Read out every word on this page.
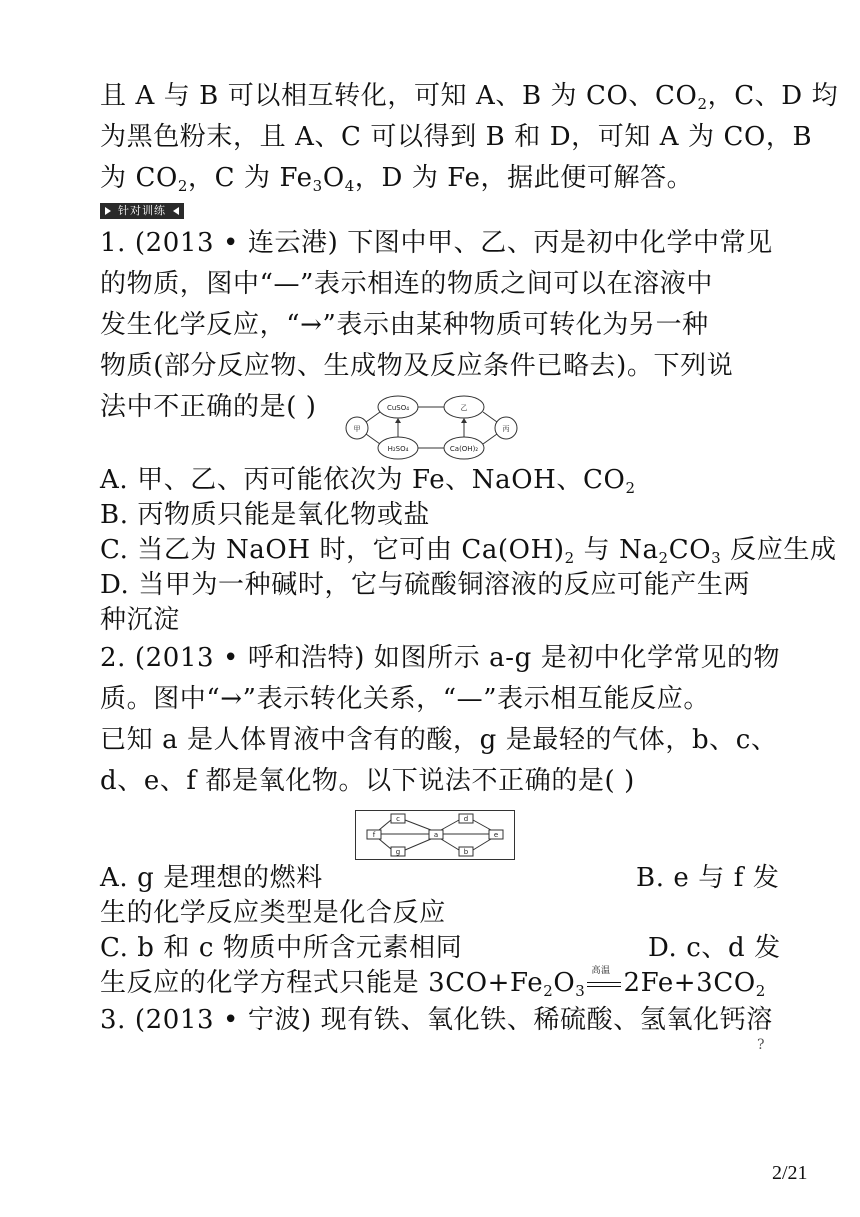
且 A 与 B 可以相互转化，可知 A、B 为 CO、$CO_2$，C、D 均
为黑色粉末，且 A、C 可以得到 B 和 D，可知 A 为 CO，B
为 $CO_2$，C 为 $Fe_3O_4$，D 为 Fe，据此便可解答。
针对训练
1. (2013 • 连云港) 下图中甲、乙、丙是初中化学中常见
的物质，图中“—”表示相连的物质之间可以在溶液中
发生化学反应，“→”表示由某种物质可转化为另一种
物质(部分反应物、生成物及反应条件已略去)。下列说
法中不正确的是( )
甲
CuSO₄	乙
H₂SO₄	Ca(OH)₂
丙
A. 甲、乙、丙可能依次为 Fe、NaOH、$CO_2$
B. 丙物质只能是氧化物或盐
C. 当乙为 NaOH 时，它可由 $Ca(OH)_2$ 与 $Na_2CO_3$ 反应生成
D. 当甲为一种碱时，它与硫酸铜溶液的反应可能产生两
种沉淀
2. (2013 • 呼和浩特) 如图所示 a-g 是初中化学常见的物
质。图中“→”表示转化关系，“—”表示相互能反应。
已知 a 是人体胃液中含有的酸，g 是最轻的气体，b、c、
d、e、f 都是氧化物。以下说法不正确的是( )
c	d
f	a	e
g	b
A. g 是理想的燃料	B. e 与 f 发
生的化学反应类型是化合反应
C. b 和 c 物质中所含元素相同	D. c、d 发
生反应的化学方程式只能是 $3CO+Fe_2O_3$
高温 $2Fe+3CO_2$
3. (2013 • 宁波) 现有铁、氧化铁、稀硫酸、氢氧化钙溶
?
2/21
